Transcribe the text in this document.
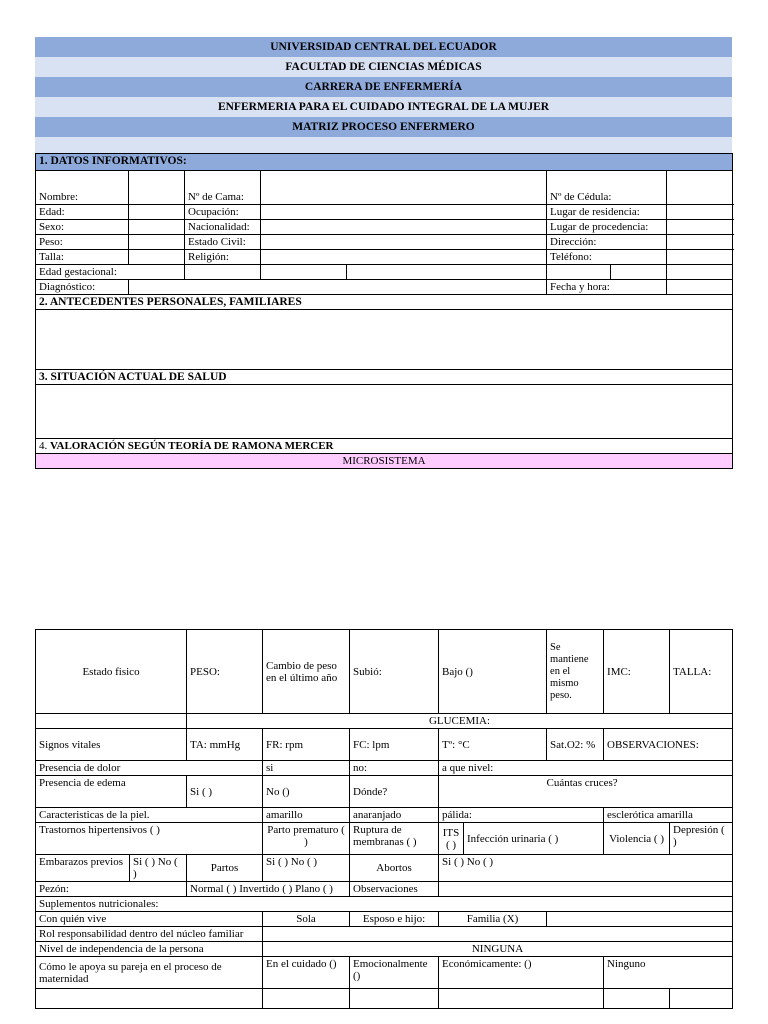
UNIVERSIDAD CENTRAL DEL ECUADOR
FACULTAD DE CIENCIAS MÉDICAS
CARRERA DE ENFERMERÍA
ENFERMERIA PARA EL CUIDADO INTEGRAL DE LA MUJER
MATRIZ PROCESO ENFERMERO
1. DATOS INFORMATIVOS:							
Nombre:		Nº de Cama:			Nº de Cédula:		
Edad:		Ocupación:			Lugar de residencia:		
Sexo:		Nacionalidad:			Lugar de procedencia:		
Peso:		Estado Civil:			Dirección:		
Talla:		Religión:			Teléfono:		
Edad gestacional:							
Diagnóstico:					Fecha y hora:		
2. ANTECEDENTES PERSONALES, FAMILIARES							

3. SITUACIÓN ACTUAL DE SALUD							

4. VALORACIÓN SEGÚN TEORÍA DE RAMONA MERCER							
MICROSISTEMA							
Estado fisico		PESO:	Cambio de peso en el último año	Subió:	Bajo ()		Se mantiene en el mismo peso.	IMC:	TALLA:
		GLUCEMIA:							
Signos vitales		TA: mmHg	FR: rpm	FC: lpm	Tº: °C		Sat.O2: %	OBSERVACIONES:	
Presencia de dolor			si	no:	a que nivel:				
Presencia de edema		Si ( )	No ()	Dónde?			Cuántas cruces?		
Caracteristicas de la piel.			amarillo	anaranjado	pálida:			esclerótica amarilla	
Trastornos hipertensivos ( )			Parto prematuro ( )	Ruptura de membranas ( )	ITS ( )	Infección urinaria ( )		Violencia ( )	Depresión ( )
Embarazos previos	Si ( ) No ( )	Partos	Si ( ) No ( )	Abortos	Si ( ) No ( )				
Pezón:		Normal ( ) Invertido ( ) Plano ( )		Observaciones					
Suplementos nutricionales:									
Con quién vive			Sola	Esposo e hijo:	Familia (X)				
Rol responsabilidad dentro del núcleo familiar									
Nivel de independencia de la persona			NINGUNA						
Cómo le apoya su pareja en el proceso de maternidad			En el cuidado ()	Emocionalmente ()	Económicamente: ()			Ninguno	
